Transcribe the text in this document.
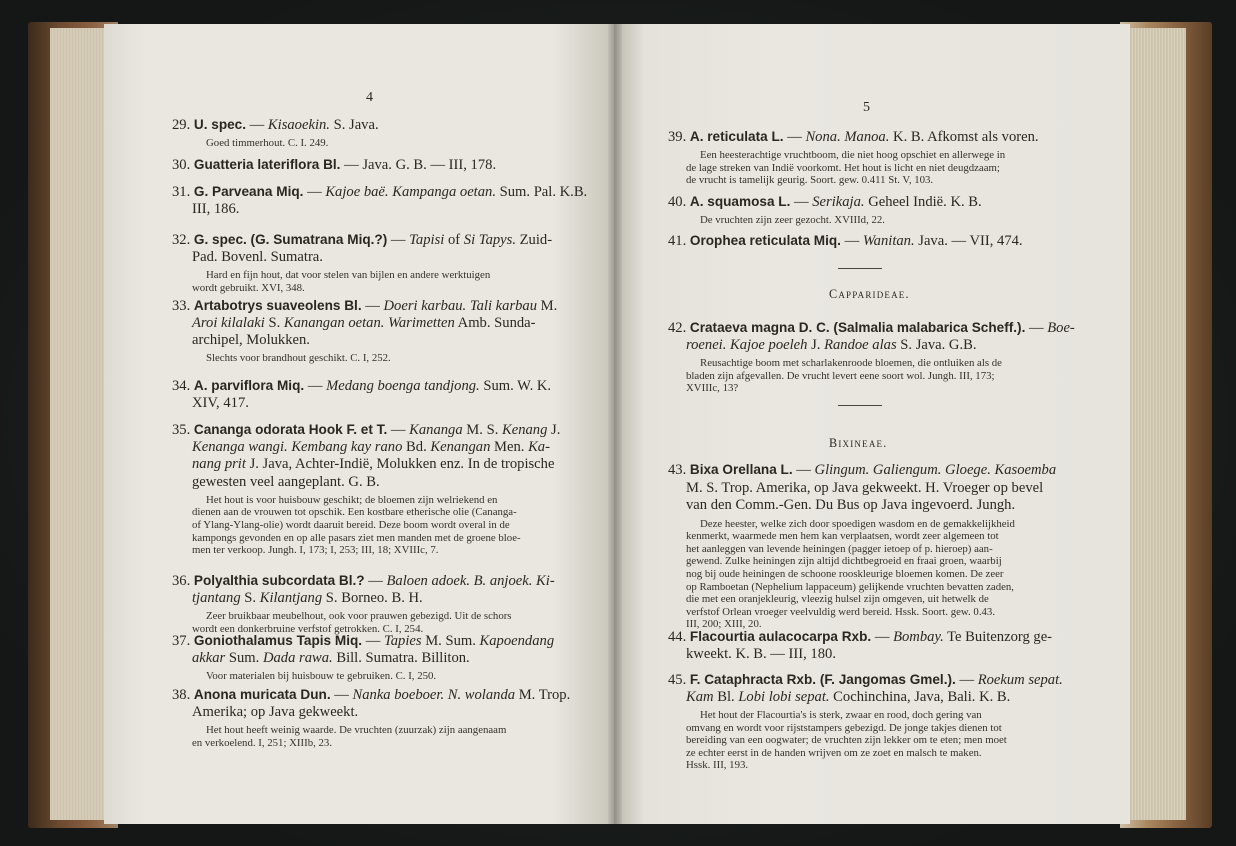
4
29. U. spec. — Kisaoekin. S. Java.
Goed timmerhout. C. I. 249.
30. Guatteria lateriflora Bl. — Java. G. B. — III, 178.
31. G. Parveana Miq. — Kajoe baë. Kampanga oetan. Sum. Pal. K.B.
III, 186.
32. G. spec. (G. Sumatrana Miq.?) — Tapisi of Si Tapys. Zuid-
Pad. Bovenl. Sumatra.
Hard en fijn hout, dat voor stelen van bijlen en andere werktuigen
wordt gebruikt. XVI, 348.
33. Artabotrys suaveolens Bl. — Doeri karbau. Tali karbau M.
Aroi kilalaki S. Kanangan oetan. Warimetten Amb. Sunda-
archipel, Molukken.
Slechts voor brandhout geschikt. C. I, 252.
34. A. parviflora Miq. — Medang boenga tandjong. Sum. W. K.
XIV, 417.
35. Cananga odorata Hook F. et T. — Kananga M. S. Kenang J.
Kenanga wangi. Kembang kay rano Bd. Kenangan Men. Ka-
nang prit J. Java, Achter-Indië, Molukken enz. In de tropische
gewesten veel aangeplant. G. B.
Het hout is voor huisbouw geschikt; de bloemen zijn welriekend en
dienen aan de vrouwen tot opschik. Een kostbare etherische olie (Cananga-
of Ylang-Ylang-olie) wordt daaruit bereid. Deze boom wordt overal in de
kampongs gevonden en op alle pasars ziet men manden met de groene bloe-
men ter verkoop. Jungh. I, 173; I, 253; III, 18; XVIIIc, 7.
36. Polyalthia subcordata Bl.? — Baloen adoek. B. anjoek. Ki-
tjantang S. Kilantjang S. Borneo. B. H.
Zeer bruikbaar meubelhout, ook voor prauwen gebezigd. Uit de schors
wordt een donkerbruine verfstof getrokken. C. I, 254.
37. Goniothalamus Tapis Miq. — Tapies M. Sum. Kapoendang
akkar Sum. Dada rawa. Bill. Sumatra. Billiton.
Voor materialen bij huisbouw te gebruiken. C. I, 250.
38. Anona muricata Dun. — Nanka boeboer. N. wolanda M. Trop.
Amerika; op Java gekweekt.
Het hout heeft weinig waarde. De vruchten (zuurzak) zijn aangenaam
en verkoelend. I, 251; XIIIb, 23.
5
Capparideae.
Bixineae.
39. A. reticulata L. — Nona. Manoa. K. B. Afkomst als voren.
Een heesterachtige vruchtboom, die niet hoog opschiet en allerwege in
de lage streken van Indië voorkomt. Het hout is licht en niet deugdzaam;
de vrucht is tamelijk geurig. Soort. gew. 0.411 St. V, 103.
40. A. squamosa L. — Serikaja. Geheel Indië. K. B.
De vruchten zijn zeer gezocht. XVIIId, 22.
41. Oropheа reticulata Miq. — Wanitan. Java. — VII, 474.
42. Crataeva magna D. C. (Salmalia malabarica Scheff.). — Boe-
roenei. Kajoe poeleh J. Randoe alas S. Java. G.B.
Reusachtige boom met scharlakenroode bloemen, die ontluiken als de
bladen zijn afgevallen. De vrucht levert eene soort wol. Jungh. III, 173;
XVIIIc, 13?
43. Bixa Orellana L. — Glingum. Galiengum. Gloege. Kasoemba
M. S. Trop. Amerika, op Java gekweekt. H. Vroeger op bevel
van den Comm.-Gen. Du Bus op Java ingevoerd. Jungh.
Deze heester, welke zich door spoedigen wasdom en de gemakkelijkheid
kenmerkt, waarmede men hem kan verplaatsen, wordt zeer algemeen tot
het aanleggen van levende heiningen (pagger ietoep of p. hieroep) aan-
gewend. Zulke heiningen zijn altijd dichtbegroeid en fraai groen, waarbij
nog bij oude heiningen de schoone rooskleurige bloemen komen. De zeer
op Ramboetan (Nephelium lappaceum) gelijkende vruchten bevatten zaden,
die met een oranjekleurig, vleezig hulsel zijn omgeven, uit hetwelk de
verfstof Orlean vroeger veelvuldig werd bereid. Hssk. Soort. gew. 0.43.
III, 200; XIII, 20.
44. Flacourtia aulacocarpa Rxb. — Bombay. Te Buitenzorg ge-
kweekt. K. B. — III, 180.
45. F. Cataphracta Rxb. (F. Jangomas Gmel.). — Roekum sepat.
Kam Bl. Lobi lobi sepat. Cochinchina, Java, Bali. K. B.
Het hout der Flacourtia's is sterk, zwaar en rood, doch gering van
omvang en wordt voor rijststampers gebezigd. De jonge takjes dienen tot
bereiding van een oogwater; de vruchten zijn lekker om te eten; men moet
ze echter eerst in de handen wrijven om ze zoet en malsch te maken.
Hssk. III, 193.
